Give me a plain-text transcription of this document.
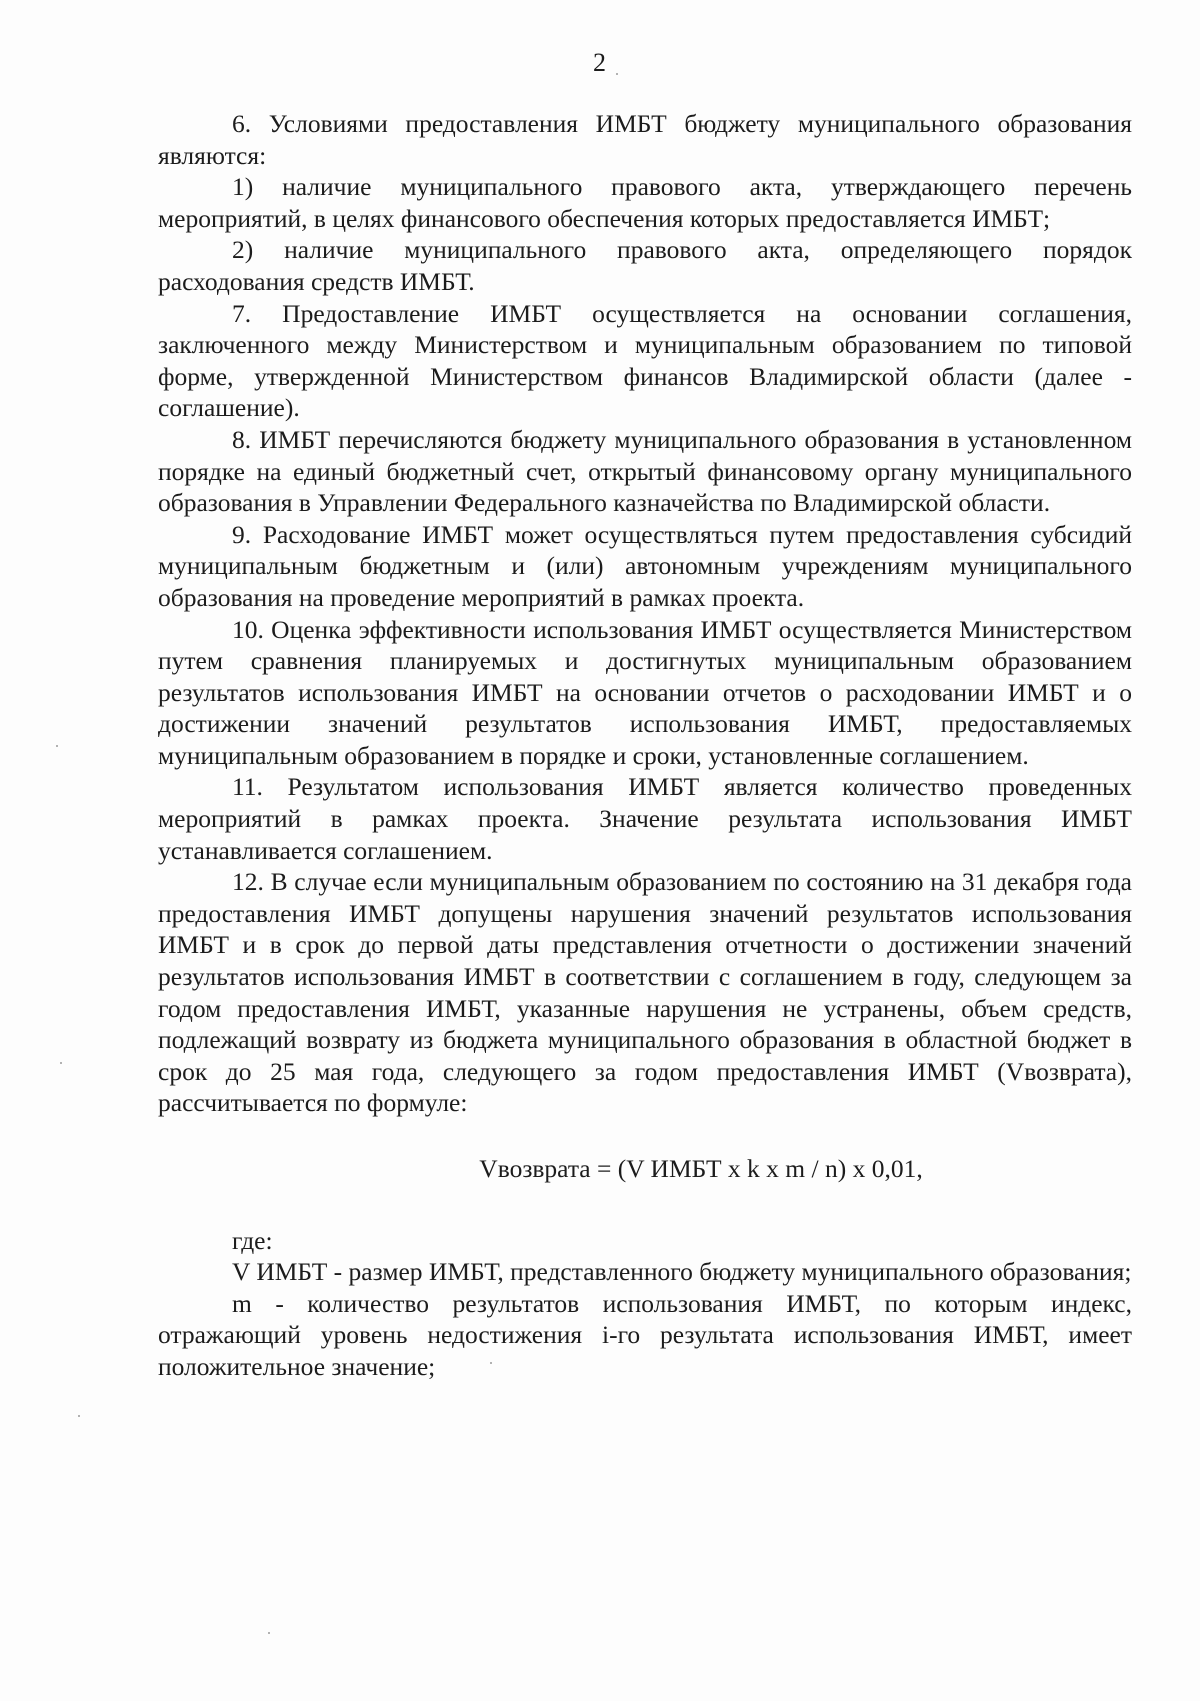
2

6. Условиями предоставления ИМБТ бюджету муниципального образования являются:

1) наличие муниципального правового акта, утверждающего перечень мероприятий, в целях финансового обеспечения которых предоставляется ИМБТ;

2) наличие муниципального правового акта, определяющего порядок расходования средств ИМБТ.

7. Предоставление ИМБТ осуществляется на основании соглашения, заключенного между Министерством и муниципальным образованием по типовой форме, утвержденной Министерством финансов Владимирской области (далее - соглашение).

8. ИМБТ перечисляются бюджету муниципального образования в установленном порядке на единый бюджетный счет, открытый финансовому органу муниципального образования в Управлении Федерального казначейства по Владимирской области.

9. Расходование ИМБТ может осуществляться путем предоставления субсидий муниципальным бюджетным и (или) автономным учреждениям муниципального образования на проведение мероприятий в рамках проекта.

10. Оценка эффективности использования ИМБТ осуществляется Министерством путем сравнения планируемых и достигнутых муниципальным образованием результатов использования ИМБТ на основании отчетов о расходовании ИМБТ и о достижении значений результатов использования ИМБТ, предоставляемых муниципальным образованием в порядке и сроки, установленные соглашением.

11. Результатом использования ИМБТ является количество проведенных мероприятий в рамках проекта. Значение результата использования ИМБТ устанавливается соглашением.

12. В случае если муниципальным образованием по состоянию на 31 декабря года предоставления ИМБТ допущены нарушения значений результатов использования ИМБТ и в срок до первой даты представления отчетности о достижении значений результатов использования ИМБТ в соответствии с соглашением в году, следующем за годом предоставления ИМБТ, указанные нарушения не устранены, объем средств, подлежащий возврату из бюджета муниципального образования в областной бюджет в срок до 25 мая года, следующего за годом предоставления ИМБТ (Vвозврата), рассчитывается по формуле:

Vвозврата = (V ИМБТ x k x m / n) x 0,01,

где:

V ИМБТ - размер ИМБТ, представленного бюджету муниципального образования;

m - количество результатов использования ИМБТ, по которым индекс, отражающий уровень недостижения i-го результата использования ИМБТ, имеет положительное значение;
